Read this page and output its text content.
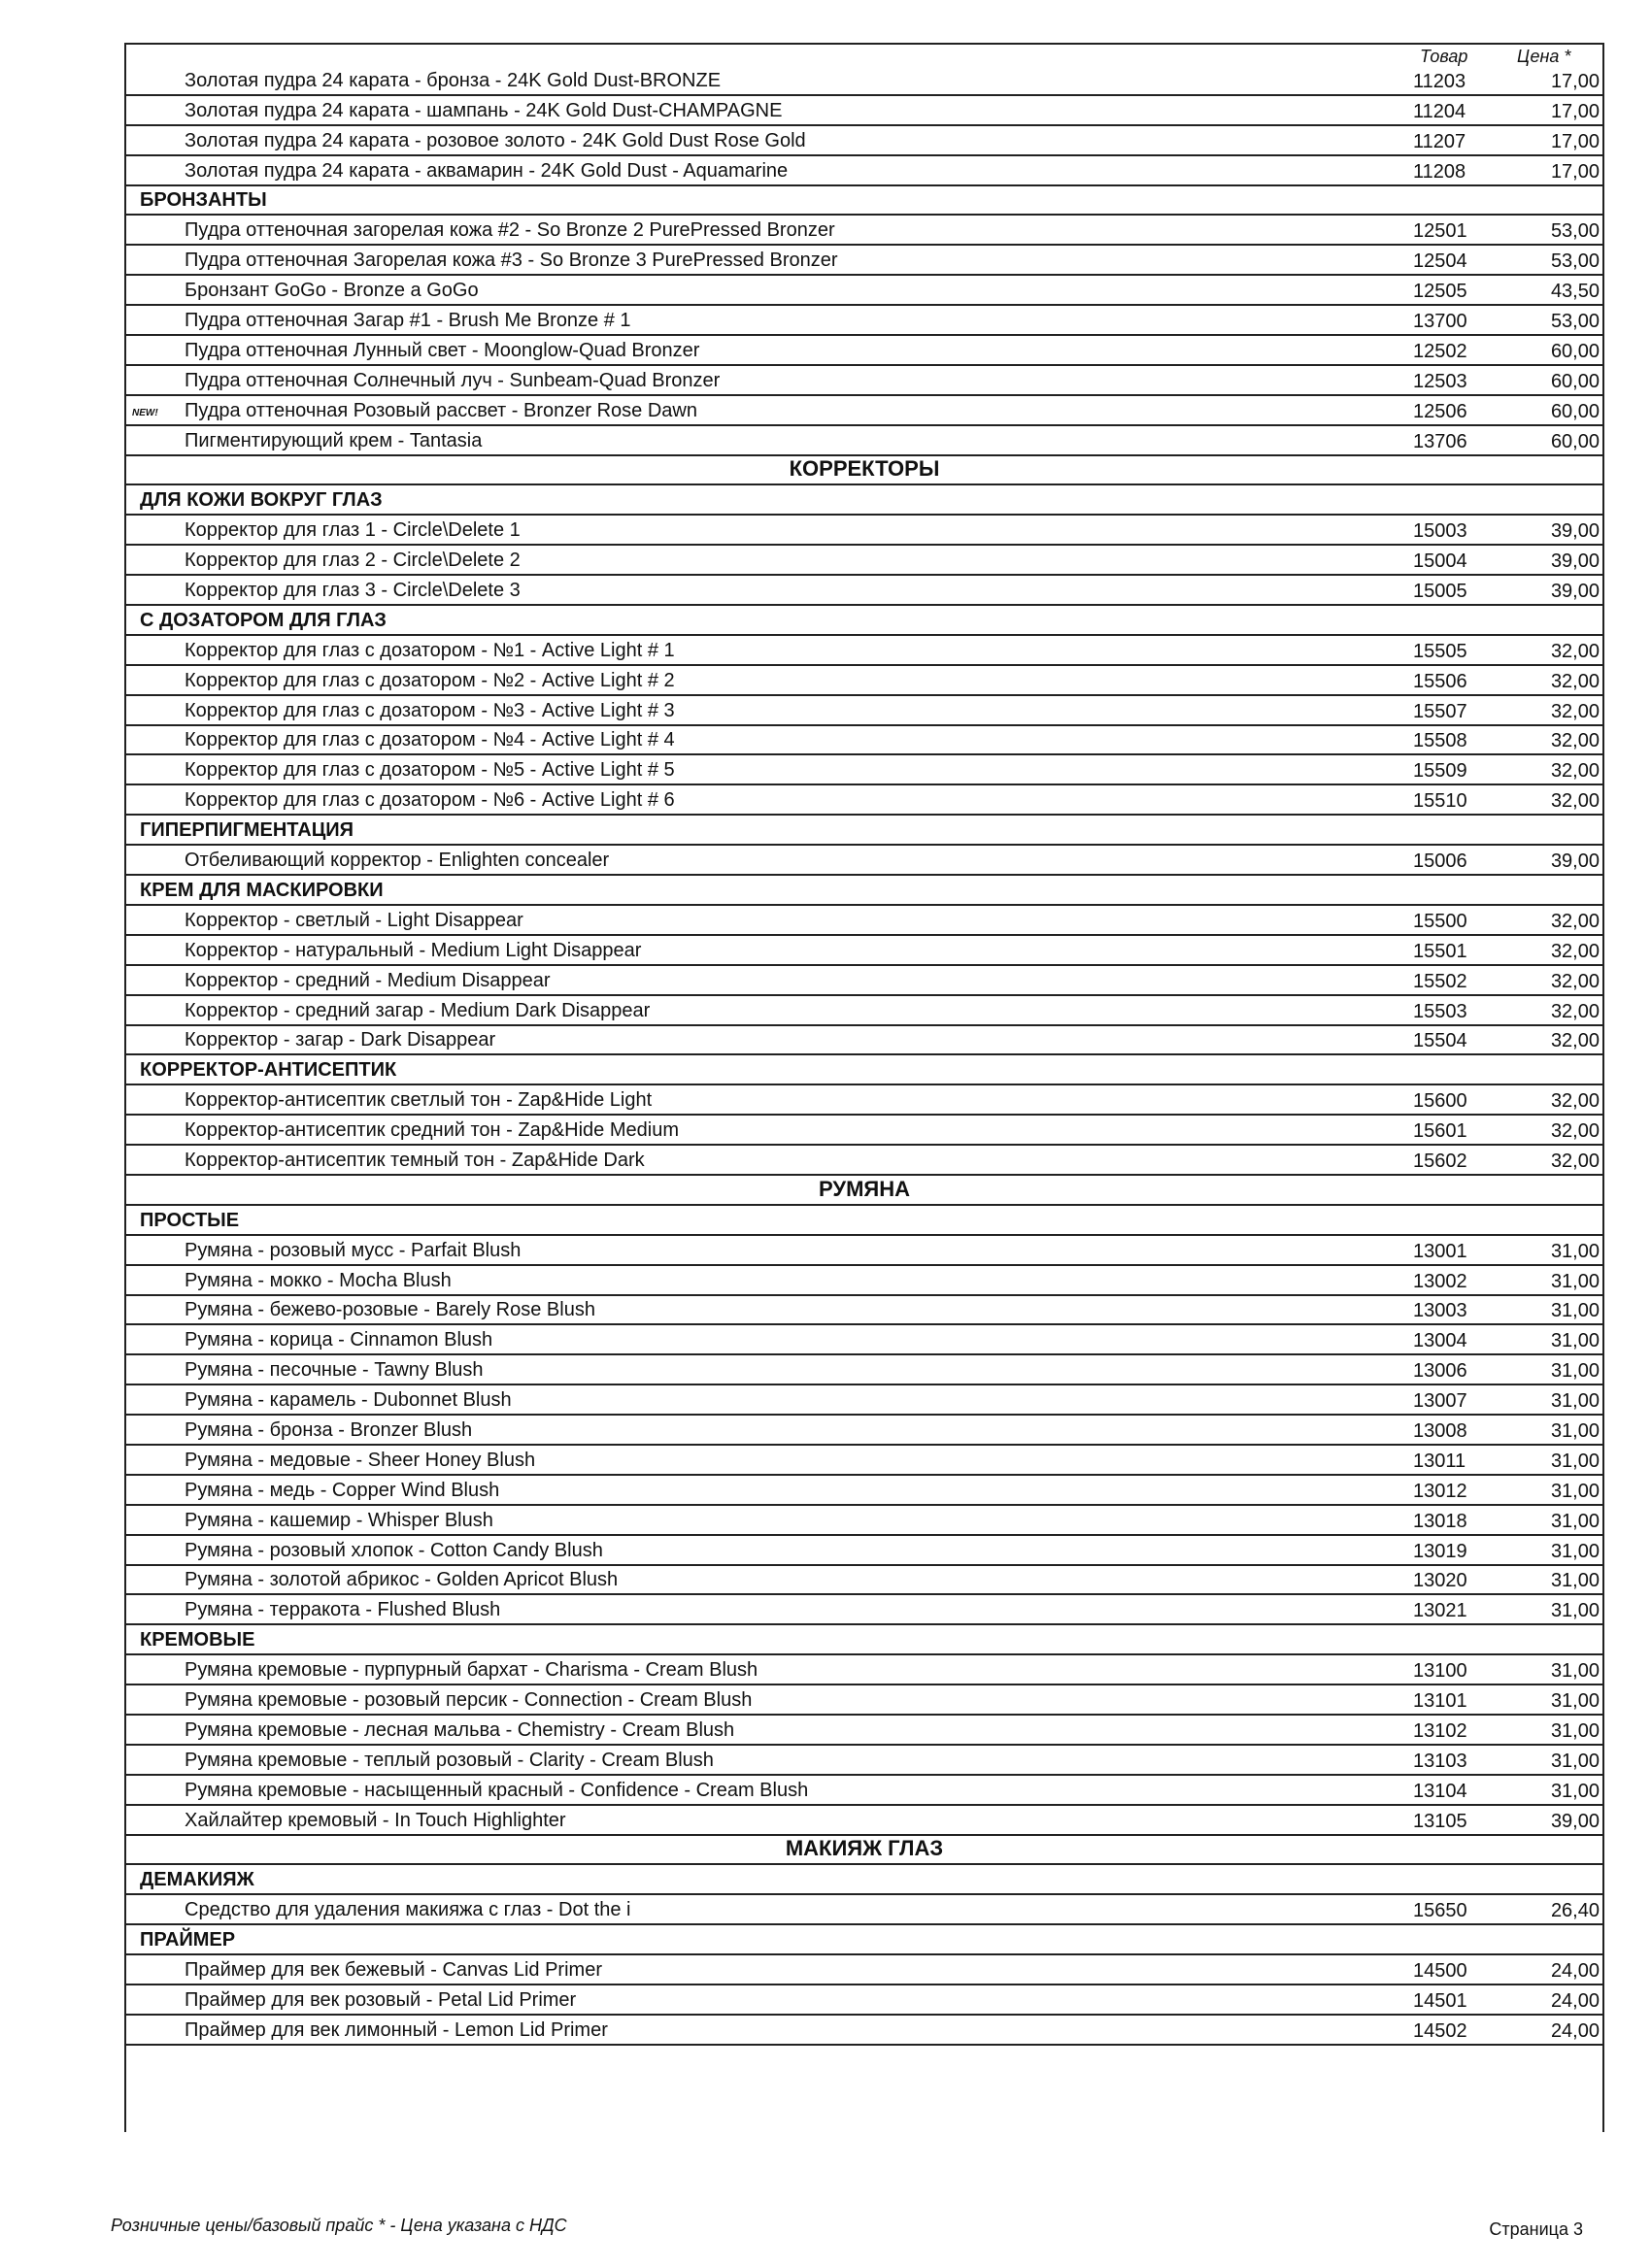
Товар	Цена *
Золотая пудра 24 карата - бронза - 24K Gold Dust-BRONZE	11203	17,00
Золотая пудра 24 карата - шампань - 24K Gold Dust-CHAMPAGNE	11204	17,00
Золотая пудра 24 карата - розовое золото - 24K Gold Dust Rose Gold	11207	17,00
Золотая пудра 24 карата - аквамарин - 24K Gold Dust - Aquamarine	11208	17,00
БРОНЗАНТЫ
Пудра оттеночная загорелая кожа #2 - So Bronze 2 PurePressed Bronzer	12501	53,00
Пудра оттеночная Загорелая кожа #3 - So Bronze 3 PurePressed Bronzer	12504	53,00
Бронзант GoGo - Bronze a GoGo	12505	43,50
Пудра оттеночная Загар #1 - Brush Me Bronze # 1	13700	53,00
Пудра оттеночная Лунный свет - Moonglow-Quad Bronzer	12502	60,00
Пудра оттеночная Солнечный луч - Sunbeam-Quad Bronzer	12503	60,00
NEW! Пудра оттеночная Розовый рассвет - Bronzer Rose Dawn	12506	60,00
Пигментирующий крем - Tantasia	13706	60,00
КОРРЕКТОРЫ
ДЛЯ КОЖИ ВОКРУГ ГЛАЗ
Корректор для глаз 1 - Circle\Delete 1	15003	39,00
Корректор для глаз 2 - Circle\Delete 2	15004	39,00
Корректор для глаз 3 - Circle\Delete 3	15005	39,00
С ДОЗАТОРОМ ДЛЯ ГЛАЗ
Корректор для глаз с дозатором - №1 - Active Light # 1	15505	32,00
Корректор для глаз с дозатором - №2 - Active Light # 2	15506	32,00
Корректор для глаз с дозатором - №3 - Active Light # 3	15507	32,00
Корректор для глаз с дозатором - №4 - Active Light # 4	15508	32,00
Корректор для глаз с дозатором - №5 - Active Light # 5	15509	32,00
Корректор для глаз с дозатором - №6 - Active Light # 6	15510	32,00
ГИПЕРПИГМЕНТАЦИЯ
Отбеливающий корректор - Enlighten concealer	15006	39,00
КРЕМ ДЛЯ МАСКИРОВКИ
Корректор - светлый - Light Disappear	15500	32,00
Корректор - натуральный - Medium Light Disappear	15501	32,00
Корректор - средний - Medium Disappear	15502	32,00
Корректор - средний загар - Medium Dark Disappear	15503	32,00
Корректор - загар - Dark Disappear	15504	32,00
КОРРЕКТОР-АНТИСЕПТИК
Корректор-антисептик светлый тон - Zap&Hide Light	15600	32,00
Корректор-антисептик средний тон - Zap&Hide Medium	15601	32,00
Корректор-антисептик темный тон - Zap&Hide Dark	15602	32,00
РУМЯНА
ПРОСТЫЕ
Румяна - розовый мусс - Parfait Blush	13001	31,00
Румяна - мокко - Mocha Blush	13002	31,00
Румяна - бежево-розовые - Barely Rose Blush	13003	31,00
Румяна - корица - Cinnamon Blush	13004	31,00
Румяна - песочные - Tawny Blush	13006	31,00
Румяна - карамель - Dubonnet Blush	13007	31,00
Румяна - бронза - Bronzer Blush	13008	31,00
Румяна - медовые - Sheer Honey Blush	13011	31,00
Румяна - медь - Copper Wind Blush	13012	31,00
Румяна - кашемир - Whisper Blush	13018	31,00
Румяна - розовый хлопок - Cotton Candy Blush	13019	31,00
Румяна - золотой абрикос - Golden Apricot Blush	13020	31,00
Румяна - терракота - Flushed Blush	13021	31,00
КРЕМОВЫЕ
Румяна кремовые - пурпурный бархат - Charisma - Cream Blush	13100	31,00
Румяна кремовые - розовый персик - Connection - Cream Blush	13101	31,00
Румяна кремовые - лесная мальва - Chemistry - Cream Blush	13102	31,00
Румяна кремовые - теплый розовый - Clarity - Cream Blush	13103	31,00
Румяна кремовые - насыщенный красный - Confidence - Cream Blush	13104	31,00
Хайлайтер кремовый - In Touch Highlighter	13105	39,00
МАКИЯЖ ГЛАЗ
ДЕМАКИЯЖ
Средство для удаления макияжа с глаз - Dot the i	15650	26,40
ПРАЙМЕР
Праймер для век бежевый - Canvas Lid Primer	14500	24,00
Праймер для век розовый - Petal Lid Primer	14501	24,00
Праймер для век лимонный - Lemon Lid Primer	14502	24,00
Розничные цены/базовый прайс * - Цена указана с НДС	Страница 3
